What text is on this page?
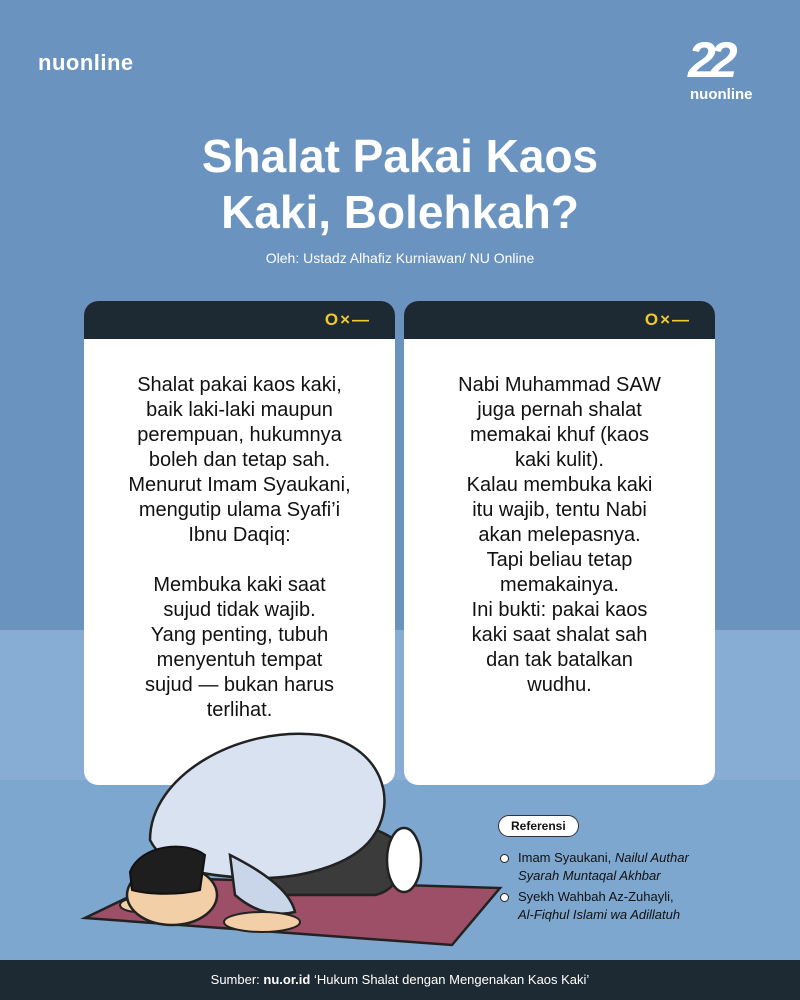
nuonline	22
nuonline
Shalat Pakai Kaos
Kaki, Bolehkah?
Oleh: Ustadz Alhafiz Kurniawan/ NU Online
O×—
Shalat pakai kaos kaki,
baik laki-laki maupun
perempuan, hukumnya
boleh dan tetap sah.
Menurut Imam Syaukani,
mengutip ulama Syafi’i
Ibnu Daqiq:

Membuka kaki saat
sujud tidak wajib.
Yang penting, tubuh
menyentuh tempat
sujud — bukan harus
terlihat.
O×—
Nabi Muhammad SAW
juga pernah shalat
memakai khuf (kaos
kaki kulit).
Kalau membuka kaki
itu wajib, tentu Nabi
akan melepasnya.
Tapi beliau tetap
memakainya.
Ini bukti: pakai kaos
kaki saat shalat sah
dan tak batalkan
wudhu.
Referensi
Imam Syaukani, Nailul Authar
Syarah Muntaqal Akhbar
Syekh Wahbah Az-Zuhayli,
Al-Fiqhul Islami wa Adillatuh
Sumber: nu.or.id ‘Hukum Shalat dengan Mengenakan Kaos Kaki’
